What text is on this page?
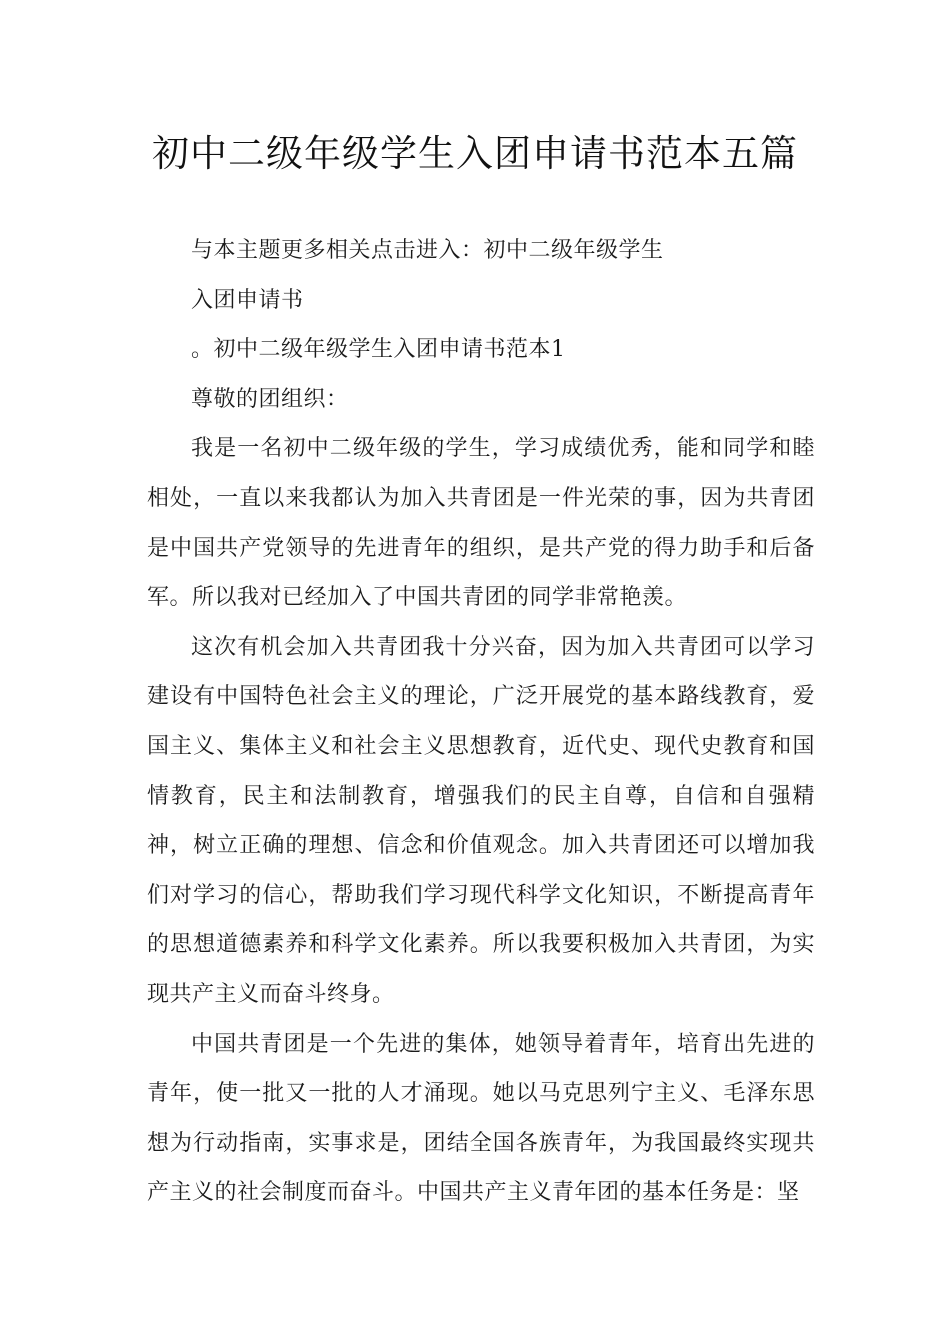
初中二级年级学生入团申请书范本五篇

与本主题更多相关点击进入：初中二级年级学生

入团申请书

。初中二级年级学生入团申请书范本1

尊敬的团组织：

我是一名初中二级年级的学生，学习成绩优秀，能和同学和睦相处，一直以来我都认为加入共青团是一件光荣的事，因为共青团是中国共产党领导的先进青年的组织，是共产党的得力助手和后备军。所以我对已经加入了中国共青团的同学非常艳羡。

这次有机会加入共青团我十分兴奋，因为加入共青团可以学习建设有中国特色社会主义的理论，广泛开展党的基本路线教育，爱国主义、集体主义和社会主义思想教育，近代史、现代史教育和国情教育，民主和法制教育，增强我们的民主自尊，自信和自强精神，树立正确的理想、信念和价值观念。加入共青团还可以增加我们对学习的信心，帮助我们学习现代科学文化知识，不断提高青年的思想道德素养和科学文化素养。所以我要积极加入共青团，为实现共产主义而奋斗终身。

中国共青团是一个先进的集体，她领导着青年，培育出先进的青年，使一批又一批的人才涌现。她以马克思列宁主义、毛泽东思想为行动指南，实事求是，团结全国各族青年，为我国最终实现共产主义的社会制度而奋斗。中国共产主义青年团的基本任务是：坚
